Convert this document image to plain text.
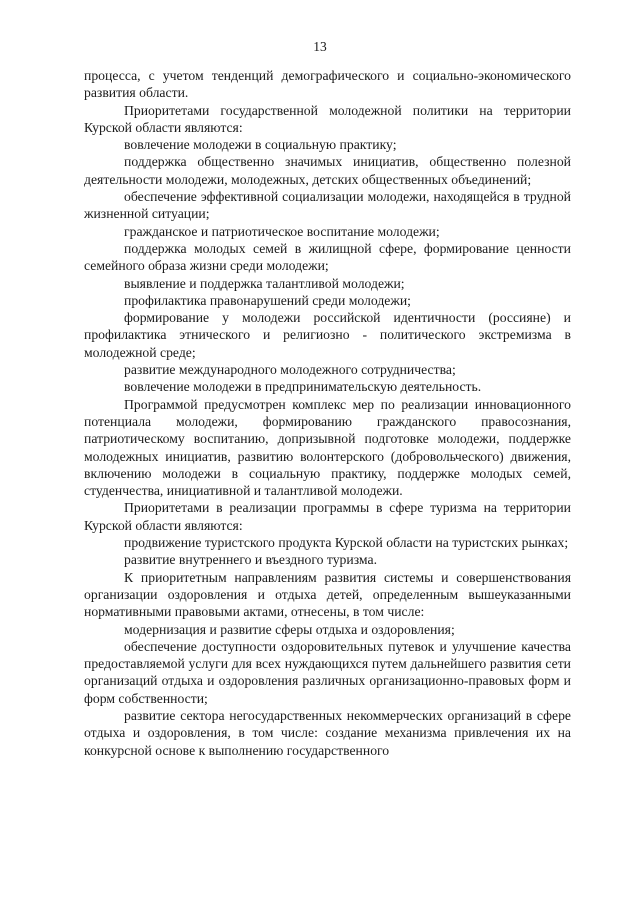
13

процесса, с учетом тенденций демографического и социально-экономического развития области.

Приоритетами государственной молодежной политики на территории Курской области являются:

вовлечение молодежи в социальную практику;

поддержка общественно значимых инициатив, общественно полезной деятельности молодежи, молодежных, детских общественных объединений;

обеспечение эффективной социализации молодежи, находящейся в трудной жизненной ситуации;

гражданское и патриотическое воспитание молодежи;

поддержка молодых семей в жилищной сфере, формирование ценности семейного образа жизни среди молодежи;

выявление и поддержка талантливой молодежи;

профилактика правонарушений среди молодежи;

формирование у молодежи российской идентичности (россияне) и профилактика этнического и религиозно - политического экстремизма в молодежной среде;

развитие международного молодежного сотрудничества;

вовлечение молодежи в предпринимательскую деятельность.

Программой предусмотрен комплекс мер по реализации инновационного потенциала молодежи, формированию гражданского правосознания, патриотическому воспитанию, допризывной подготовке молодежи, поддержке молодежных инициатив, развитию волонтерского (добровольческого) движения, включению молодежи в социальную практику, поддержке молодых семей, студенчества, инициативной и талантливой молодежи.

Приоритетами в реализации программы в сфере туризма на территории Курской области являются:

продвижение туристского продукта Курской области на туристских рынках;

развитие внутреннего и въездного туризма.

К приоритетным направлениям развития системы и совершенствования организации оздоровления и отдыха детей, определенным вышеуказанными нормативными правовыми актами, отнесены, в том числе:

модернизация и развитие сферы отдыха и оздоровления;

обеспечение доступности оздоровительных путевок и улучшение качества предоставляемой услуги для всех нуждающихся путем дальнейшего развития сети организаций отдыха и оздоровления различных организационно-правовых форм и форм собственности;

развитие сектора негосударственных некоммерческих организаций в сфере отдыха и оздоровления, в том числе: создание механизма привлечения их на конкурсной основе к выполнению государственного
